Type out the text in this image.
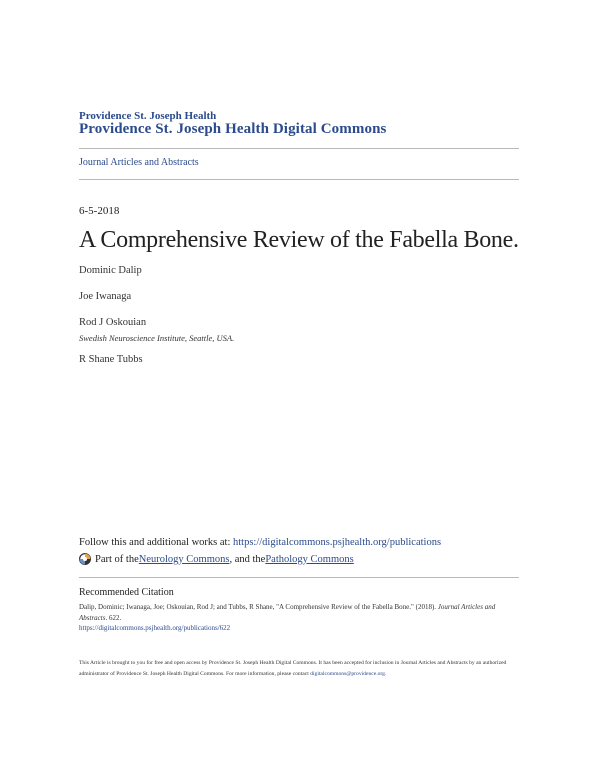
Providence St. Joseph Health
Providence St. Joseph Health Digital Commons
Journal Articles and Abstracts
6-5-2018
A Comprehensive Review of the Fabella Bone.
Dominic Dalip
Joe Iwanaga
Rod J Oskouian
Swedish Neuroscience Institute, Seattle, USA.
R Shane Tubbs
Follow this and additional works at: https://digitalcommons.psjhealth.org/publications
Part of the Neurology Commons , and the Pathology Commons
Recommended Citation
Dalip, Dominic; Iwanaga, Joe; Oskouian, Rod J; and Tubbs, R Shane, "A Comprehensive Review of the Fabella Bone." (2018). Journal Articles and Abstracts. 622.
https://digitalcommons.psjhealth.org/publications/622
This Article is brought to you for free and open access by Providence St. Joseph Health Digital Commons. It has been accepted for inclusion in Journal Articles and Abstracts by an authorized administrator of Providence St. Joseph Health Digital Commons. For more information, please contact digitalcommons@providence.org.
